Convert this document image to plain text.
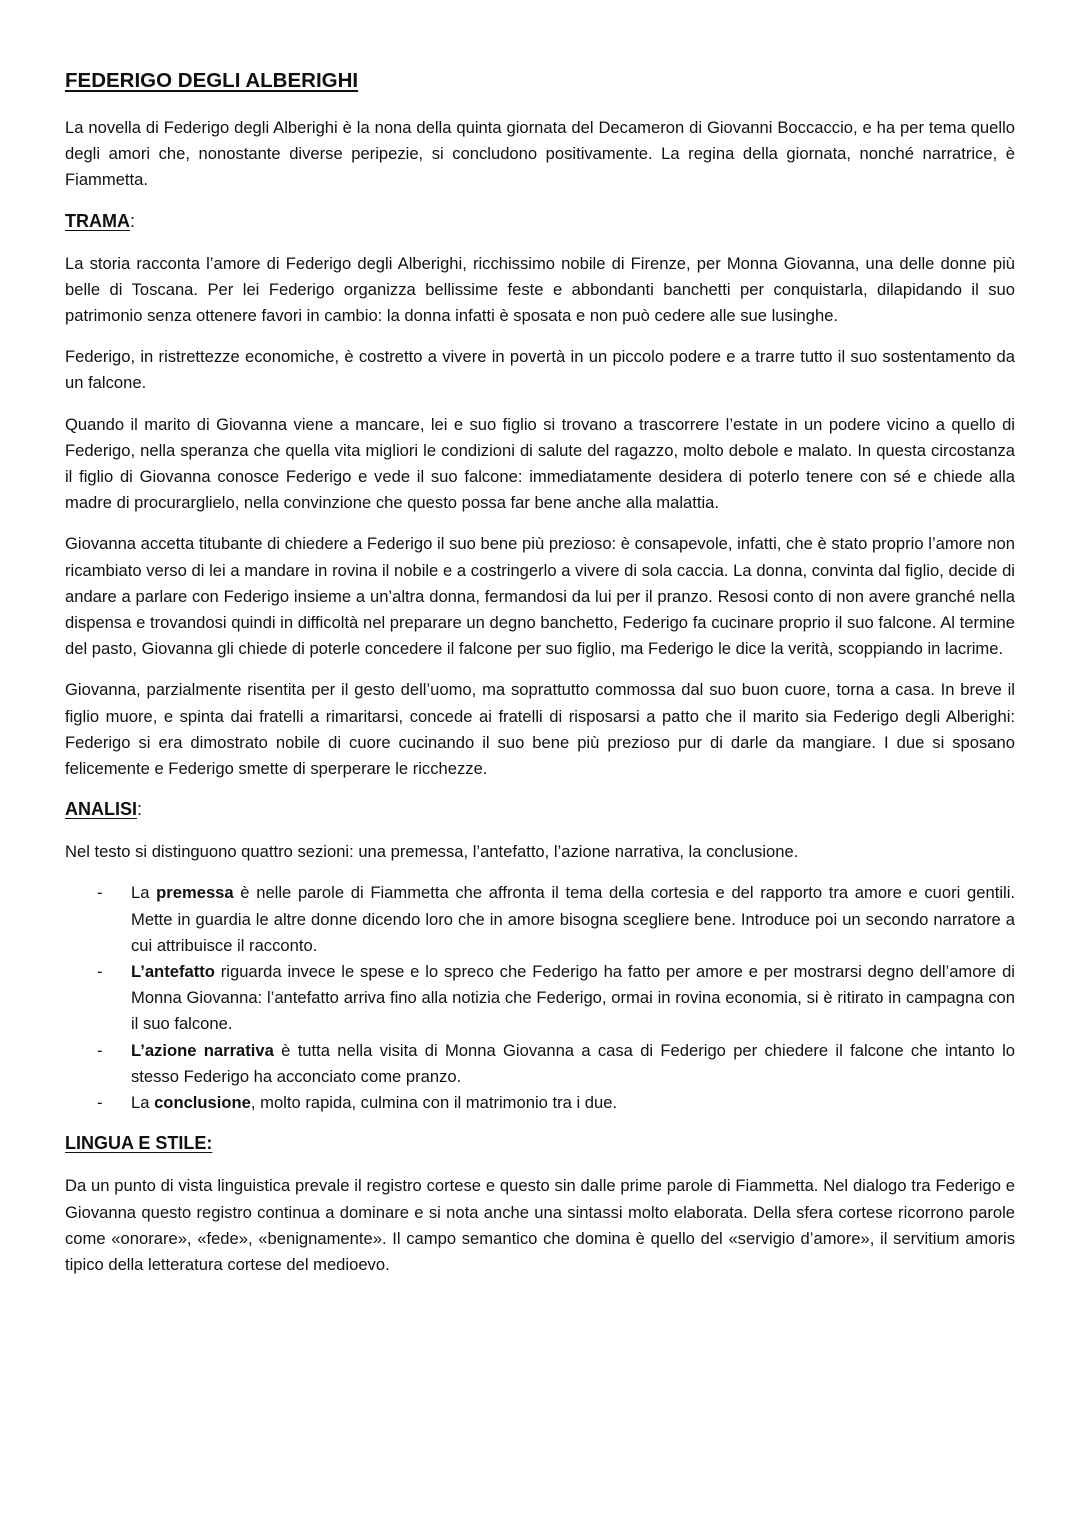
FEDERIGO DEGLI ALBERIGHI

La novella di Federigo degli Alberighi è la nona della quinta giornata del Decameron di Giovanni Boccaccio, e ha per tema quello degli amori che, nonostante diverse peripezie, si concludono positivamente. La regina della giornata, nonché narratrice, è Fiammetta.

TRAMA:

La storia racconta l’amore di Federigo degli Alberighi, ricchissimo nobile di Firenze, per Monna Giovanna, una delle donne più belle di Toscana. Per lei Federigo organizza bellissime feste e abbondanti banchetti per conquistarla, dilapidando il suo patrimonio senza ottenere favori in cambio: la donna infatti è sposata e non può cedere alle sue lusinghe.

Federigo, in ristrettezze economiche, è costretto a vivere in povertà in un piccolo podere e a trarre tutto il suo sostentamento da un falcone.

Quando il marito di Giovanna viene a mancare, lei e suo figlio si trovano a trascorrere l’estate in un podere vicino a quello di Federigo, nella speranza che quella vita migliori le condizioni di salute del ragazzo, molto debole e malato. In questa circostanza il figlio di Giovanna conosce Federigo e vede il suo falcone: immediatamente desidera di poterlo tenere con sé e chiede alla madre di procurarglielo, nella convinzione che questo possa far bene anche alla malattia.

Giovanna accetta titubante di chiedere a Federigo il suo bene più prezioso: è consapevole, infatti, che è stato proprio l’amore non ricambiato verso di lei a mandare in rovina il nobile e a costringerlo a vivere di sola caccia. La donna, convinta dal figlio, decide di andare a parlare con Federigo insieme a un’altra donna, fermandosi da lui per il pranzo. Resosi conto di non avere granché nella dispensa e trovandosi quindi in difficoltà nel preparare un degno banchetto, Federigo fa cucinare proprio il suo falcone. Al termine del pasto, Giovanna gli chiede di poterle concedere il falcone per suo figlio, ma Federigo le dice la verità, scoppiando in lacrime.

Giovanna, parzialmente risentita per il gesto dell’uomo, ma soprattutto commossa dal suo buon cuore, torna a casa. In breve il figlio muore, e spinta dai fratelli a rimaritarsi, concede ai fratelli di risposarsi a patto che il marito sia Federigo degli Alberighi: Federigo si era dimostrato nobile di cuore cucinando il suo bene più prezioso pur di darle da mangiare. I due si sposano felicemente e Federigo smette di sperperare le ricchezze.

ANALISI:

Nel testo si distinguono quattro sezioni: una premessa, l’antefatto, l’azione narrativa, la conclusione.

- La premessa è nelle parole di Fiammetta che affronta il tema della cortesia e del rapporto tra amore e cuori gentili. Mette in guardia le altre donne dicendo loro che in amore bisogna scegliere bene. Introduce poi un secondo narratore a cui attribuisce il racconto.
- L’antefatto riguarda invece le spese e lo spreco che Federigo ha fatto per amore e per mostrarsi degno dell’amore di Monna Giovanna: l’antefatto arriva fino alla notizia che Federigo, ormai in rovina economia, si è ritirato in campagna con il suo falcone.
- L’azione narrativa è tutta nella visita di Monna Giovanna a casa di Federigo per chiedere il falcone che intanto lo stesso Federigo ha acconciato come pranzo.
- La conclusione, molto rapida, culmina con il matrimonio tra i due.
LINGUA E STILE:

Da un punto di vista linguistica prevale il registro cortese e questo sin dalle prime parole di Fiammetta. Nel dialogo tra Federigo e Giovanna questo registro continua a dominare e si nota anche una sintassi molto elaborata. Della sfera cortese ricorrono parole come «onorare», «fede», «benignamente». Il campo semantico che domina è quello del «servigio d’amore», il servitium amoris tipico della letteratura cortese del medioevo.
